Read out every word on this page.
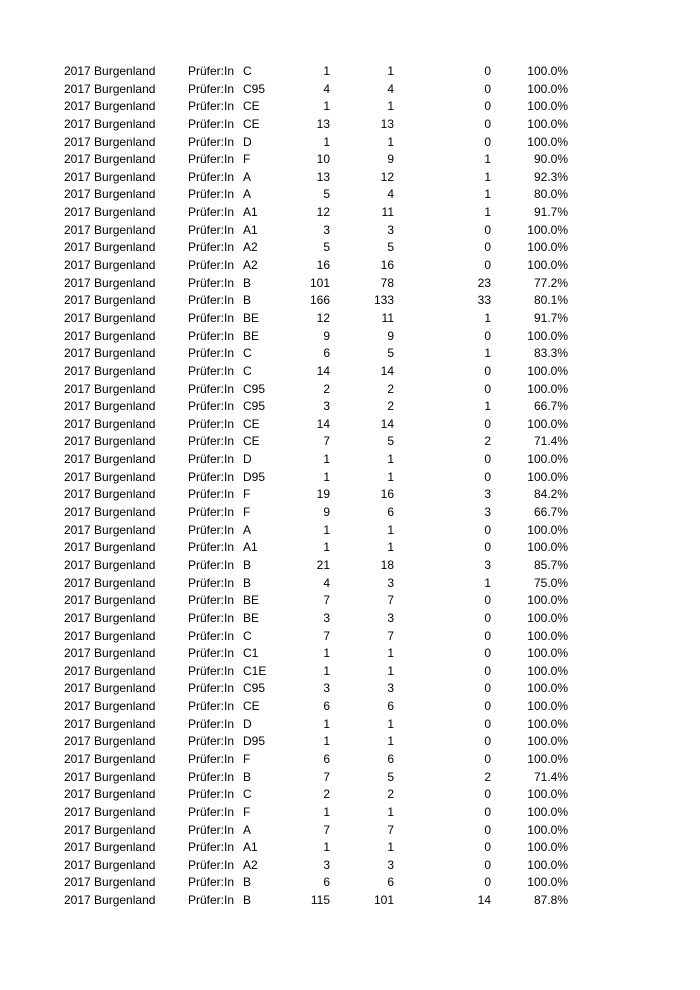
2017 Burgenland	Prüfer:In C	1	1	0	100.0%
2017 Burgenland	Prüfer:In C95	4	4	0	100.0%
2017 Burgenland	Prüfer:In CE	1	1	0	100.0%
2017 Burgenland	Prüfer:In CE	13	13	0	100.0%
2017 Burgenland	Prüfer:In D	1	1	0	100.0%
2017 Burgenland	Prüfer:In F	10	9	1	90.0%
2017 Burgenland	Prüfer:In A	13	12	1	92.3%
2017 Burgenland	Prüfer:In A	5	4	1	80.0%
2017 Burgenland	Prüfer:In A1	12	11	1	91.7%
2017 Burgenland	Prüfer:In A1	3	3	0	100.0%
2017 Burgenland	Prüfer:In A2	5	5	0	100.0%
2017 Burgenland	Prüfer:In A2	16	16	0	100.0%
2017 Burgenland	Prüfer:In B	101	78	23	77.2%
2017 Burgenland	Prüfer:In B	166	133	33	80.1%
2017 Burgenland	Prüfer:In BE	12	11	1	91.7%
2017 Burgenland	Prüfer:In BE	9	9	0	100.0%
2017 Burgenland	Prüfer:In C	6	5	1	83.3%
2017 Burgenland	Prüfer:In C	14	14	0	100.0%
2017 Burgenland	Prüfer:In C95	2	2	0	100.0%
2017 Burgenland	Prüfer:In C95	3	2	1	66.7%
2017 Burgenland	Prüfer:In CE	14	14	0	100.0%
2017 Burgenland	Prüfer:In CE	7	5	2	71.4%
2017 Burgenland	Prüfer:In D	1	1	0	100.0%
2017 Burgenland	Prüfer:In D95	1	1	0	100.0%
2017 Burgenland	Prüfer:In F	19	16	3	84.2%
2017 Burgenland	Prüfer:In F	9	6	3	66.7%
2017 Burgenland	Prüfer:In A	1	1	0	100.0%
2017 Burgenland	Prüfer:In A1	1	1	0	100.0%
2017 Burgenland	Prüfer:In B	21	18	3	85.7%
2017 Burgenland	Prüfer:In B	4	3	1	75.0%
2017 Burgenland	Prüfer:In BE	7	7	0	100.0%
2017 Burgenland	Prüfer:In BE	3	3	0	100.0%
2017 Burgenland	Prüfer:In C	7	7	0	100.0%
2017 Burgenland	Prüfer:In C1	1	1	0	100.0%
2017 Burgenland	Prüfer:In C1E	1	1	0	100.0%
2017 Burgenland	Prüfer:In C95	3	3	0	100.0%
2017 Burgenland	Prüfer:In CE	6	6	0	100.0%
2017 Burgenland	Prüfer:In D	1	1	0	100.0%
2017 Burgenland	Prüfer:In D95	1	1	0	100.0%
2017 Burgenland	Prüfer:In F	6	6	0	100.0%
2017 Burgenland	Prüfer:In B	7	5	2	71.4%
2017 Burgenland	Prüfer:In C	2	2	0	100.0%
2017 Burgenland	Prüfer:In F	1	1	0	100.0%
2017 Burgenland	Prüfer:In A	7	7	0	100.0%
2017 Burgenland	Prüfer:In A1	1	1	0	100.0%
2017 Burgenland	Prüfer:In A2	3	3	0	100.0%
2017 Burgenland	Prüfer:In B	6	6	0	100.0%
2017 Burgenland	Prüfer:In B	115	101	14	87.8%
